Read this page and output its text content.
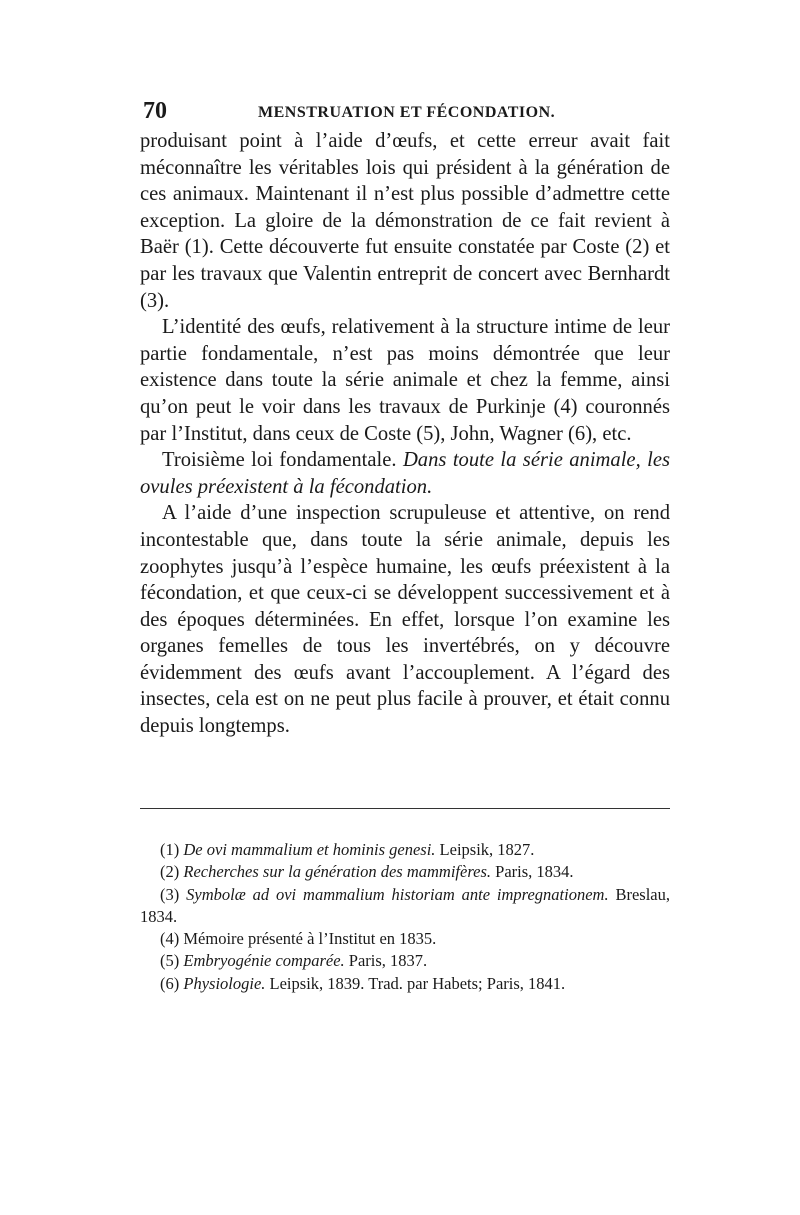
70	MENSTRUATION ET FÉCONDATION.

produisant point à l’aide d’œufs, et cette erreur avait fait méconnaître les véritables lois qui président à la génération de ces animaux. Maintenant il n’est plus possible d’admettre cette exception. La gloire de la démonstration de ce fait revient à Baër (1). Cette découverte fut ensuite constatée par Coste (2) et par les travaux que Valentin entreprit de concert avec Bernhardt (3).

L’identité des œufs, relativement à la structure intime de leur partie fondamentale, n’est pas moins démontrée que leur existence dans toute la série animale et chez la femme, ainsi qu’on peut le voir dans les travaux de Purkinje (4) couronnés par l’Institut, dans ceux de Coste (5), John, Wagner (6), etc.

Troisième loi fondamentale. Dans toute la série animale, les ovules préexistent à la fécondation.

A l’aide d’une inspection scrupuleuse et attentive, on rend incontestable que, dans toute la série animale, depuis les zoophytes jusqu’à l’espèce humaine, les œufs préexistent à la fécondation, et que ceux-ci se développent successivement et à des époques déterminées. En effet, lorsque l’on examine les organes femelles de tous les invertébrés, on y découvre évidemment des œufs avant l’accouplement. A l’égard des insectes, cela est on ne peut plus facile à prouver, et était connu depuis longtemps.

(1) De ovi mammalium et hominis genesi. Leipsik, 1827.

(2) Recherches sur la génération des mammifères. Paris, 1834.

(3) Symbolæ ad ovi mammalium historiam ante impregnationem. Breslau, 1834.

(4) Mémoire présenté à l’Institut en 1835.

(5) Embryogénie comparée. Paris, 1837.

(6) Physiologie. Leipsik, 1839. Trad. par Habets; Paris, 1841.
